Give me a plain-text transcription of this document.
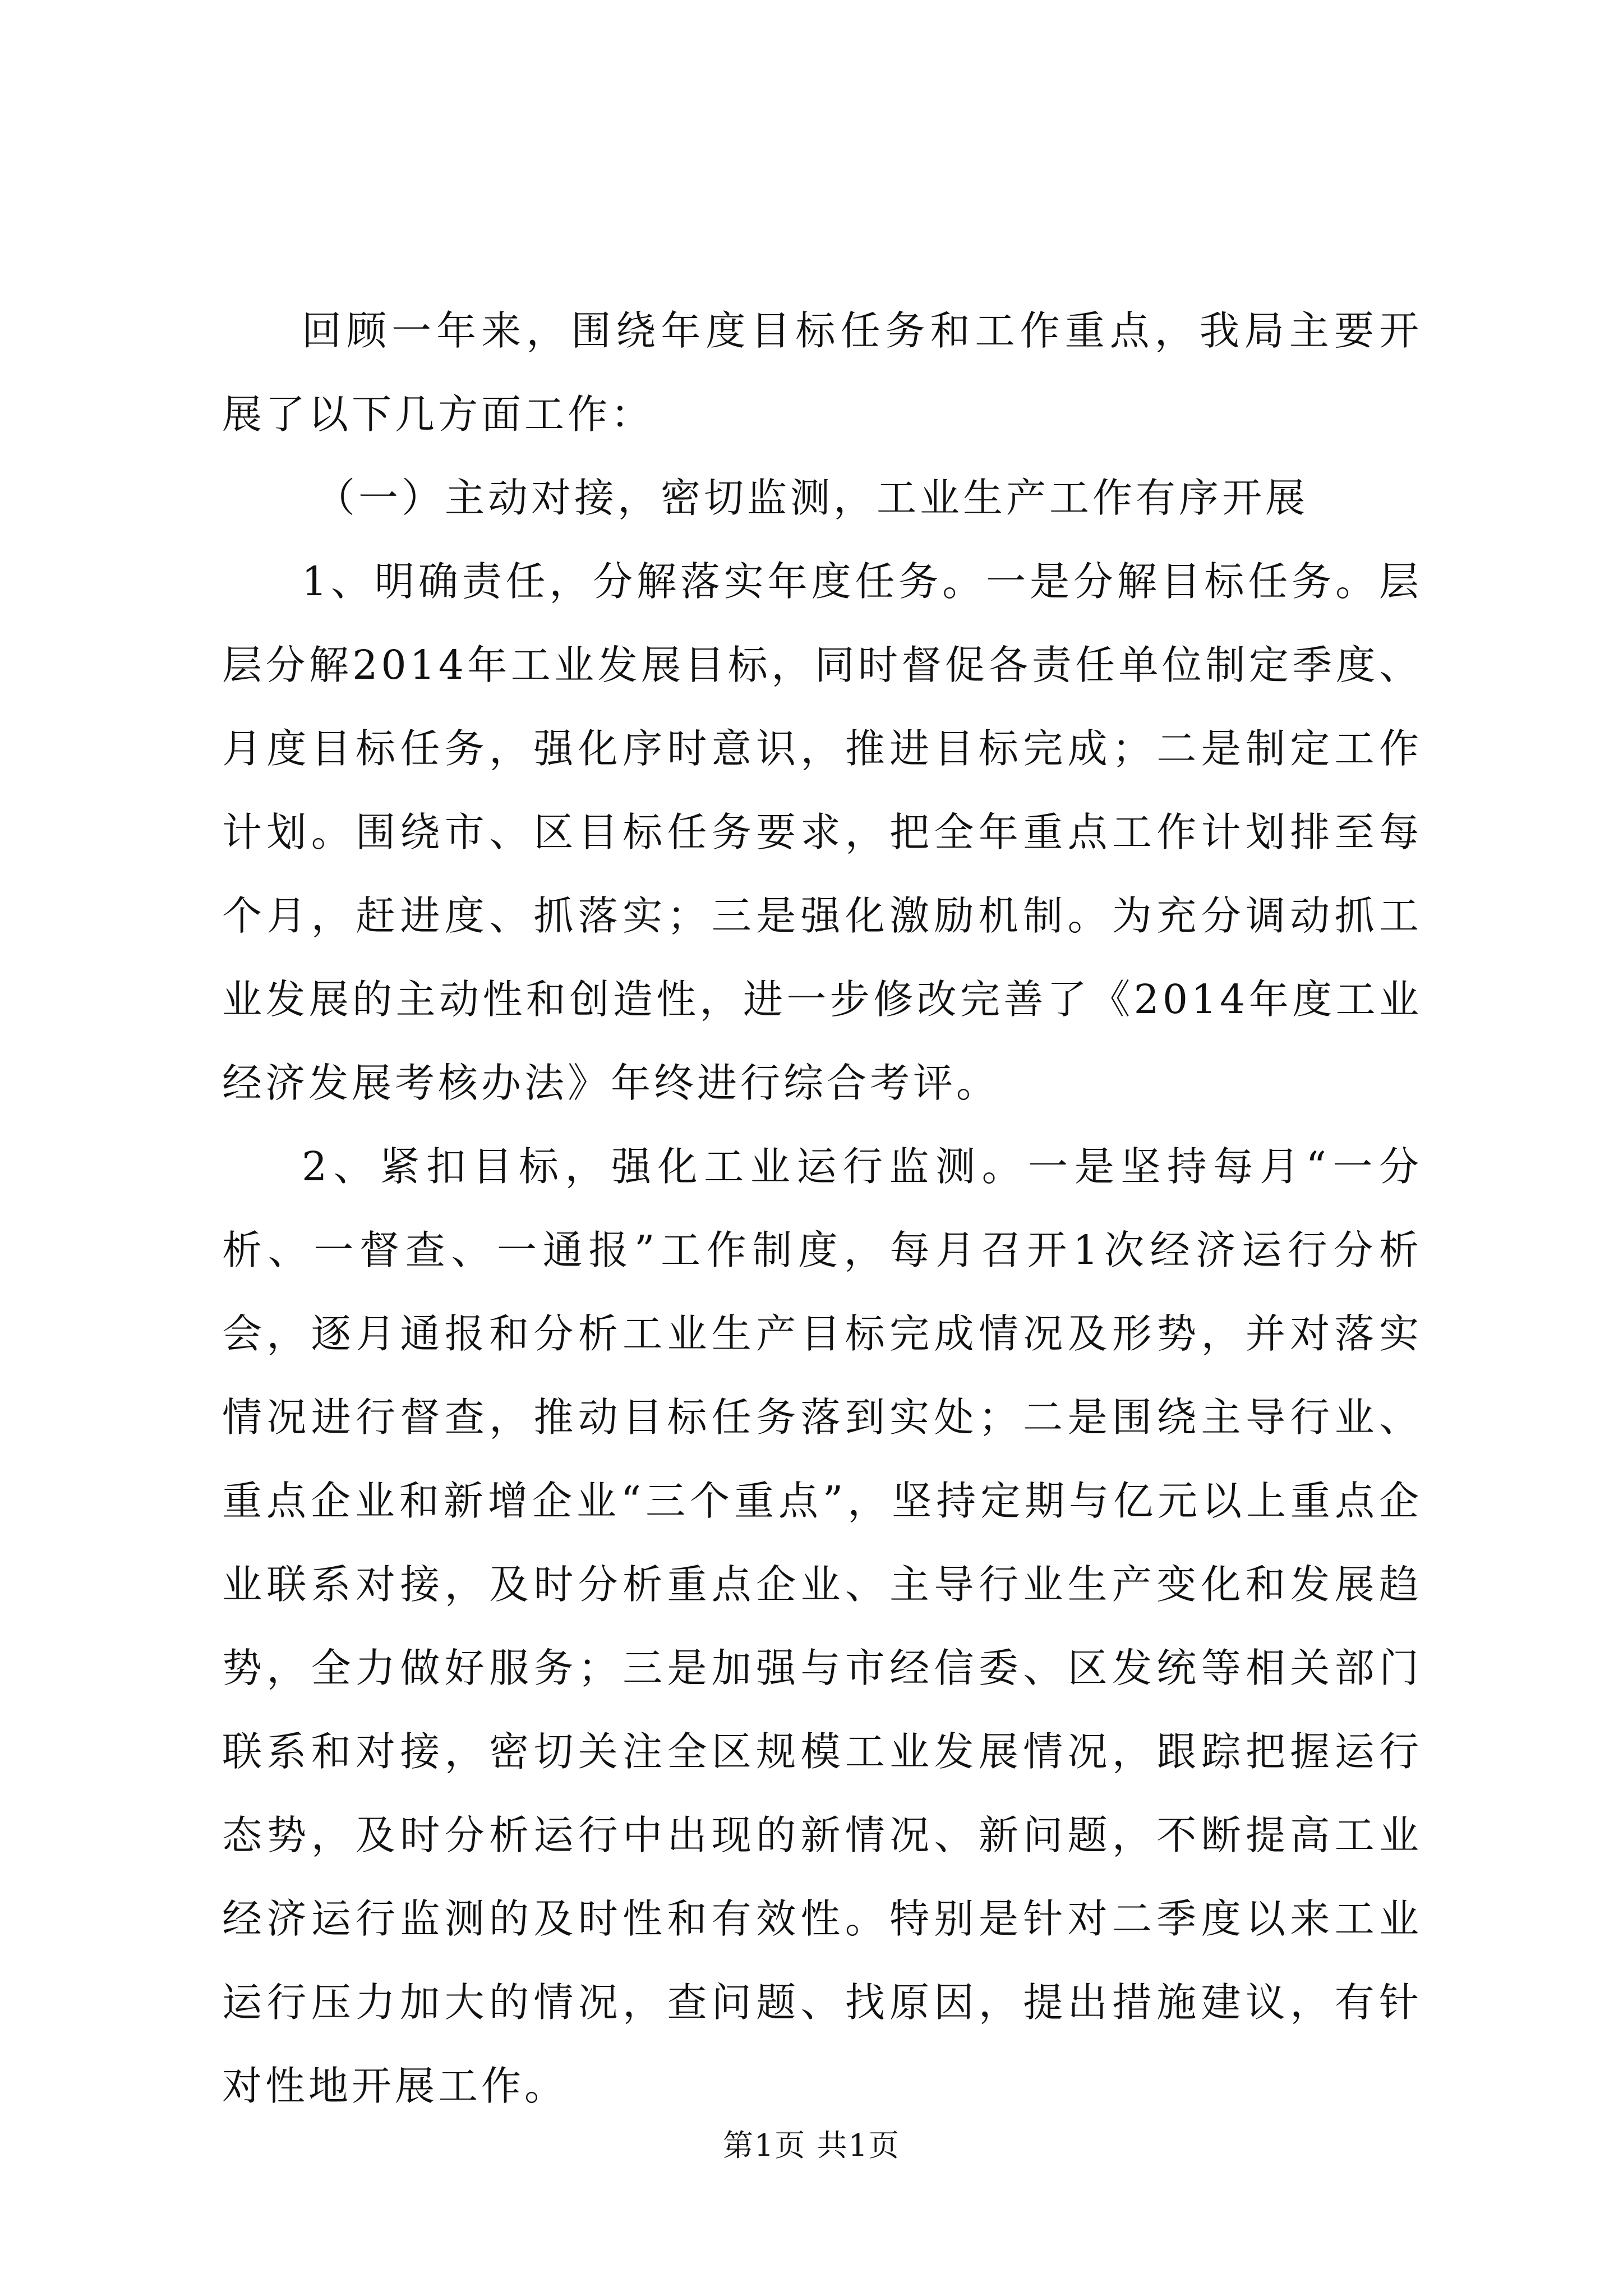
回顾一年来，围绕年度目标任务和工作重点，我局主要开展了以下几方面工作：

（一）主动对接，密切监测，工业生产工作有序开展

1、明确责任，分解落实年度任务。一是分解目标任务。层层分解2014年工业发展目标，同时督促各责任单位制定季度、月度目标任务，强化序时意识，推进目标完成；二是制定工作计划。围绕市、区目标任务要求，把全年重点工作计划排至每个月，赶进度、抓落实；三是强化激励机制。为充分调动抓工业发展的主动性和创造性，进一步修改完善了《2014年度工业经济发展考核办法》年终进行综合考评。

2、紧扣目标，强化工业运行监测。一是坚持每月“一分析、一督查、一通报”工作制度，每月召开1次经济运行分析会，逐月通报和分析工业生产目标完成情况及形势，并对落实情况进行督查，推动目标任务落到实处；二是围绕主导行业、重点企业和新增企业“三个重点”，坚持定期与亿元以上重点企业联系对接，及时分析重点企业、主导行业生产变化和发展趋势，全力做好服务；三是加强与市经信委、区发统等相关部门联系和对接，密切关注全区规模工业发展情况，跟踪把握运行态势，及时分析运行中出现的新情况、新问题，不断提高工业经济运行监测的及时性和有效性。特别是针对二季度以来工业运行压力加大的情况，查问题、找原因，提出措施建议，有针对性地开展工作。

第1页 共1页
